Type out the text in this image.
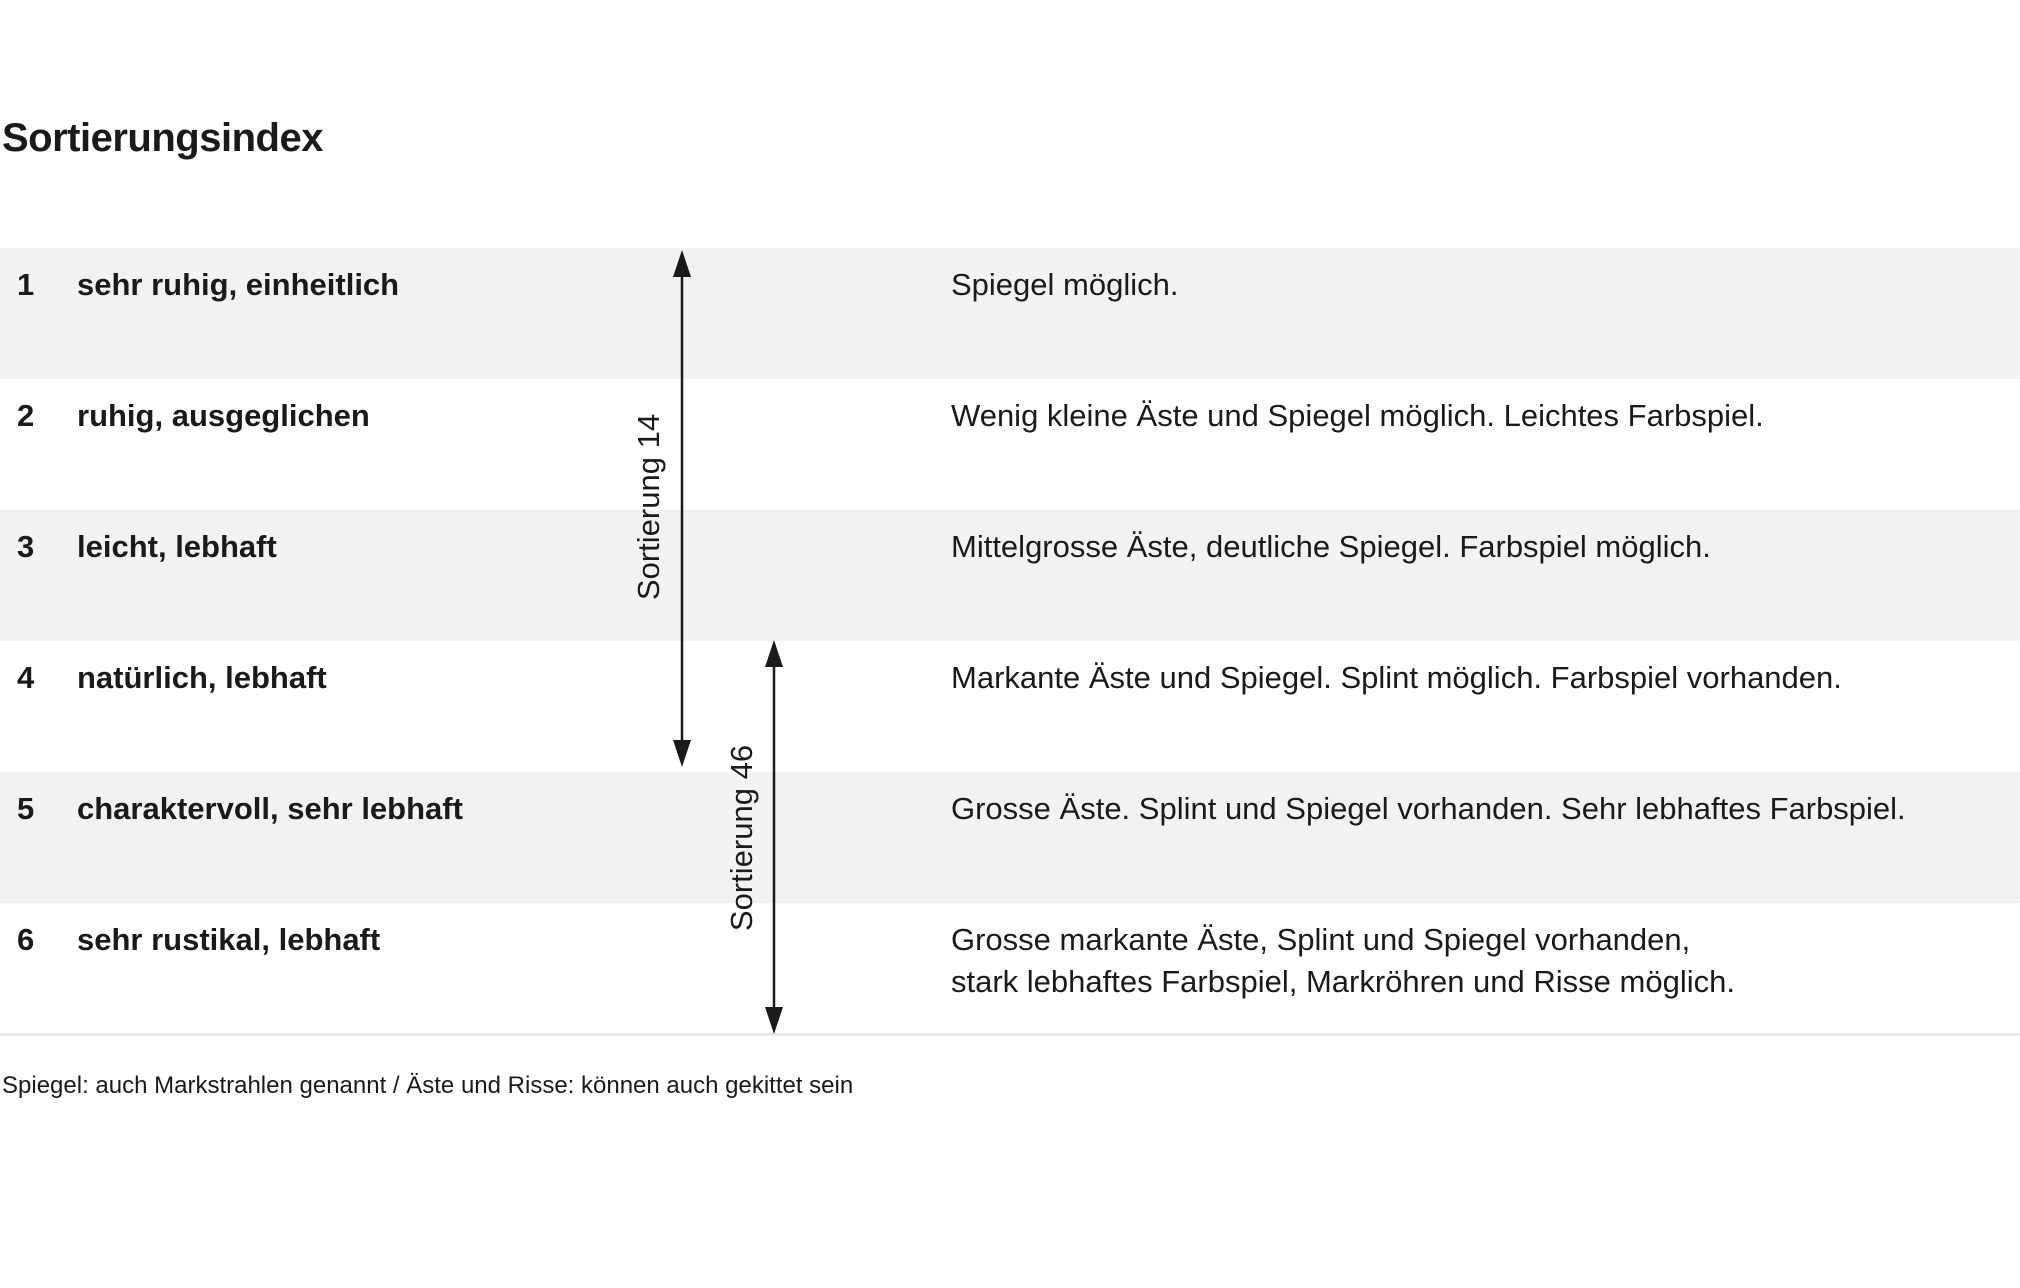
Sortierungsindex
1 sehr ruhig, einheitlich	Spiegel möglich.
2 ruhig, ausgeglichen	Wenig kleine Äste und Spiegel möglich. Leichtes Farbspiel.
3 leicht, lebhaft	Mittelgrosse Äste, deutliche Spiegel. Farbspiel möglich.
4 natürlich, lebhaft	Markante Äste und Spiegel. Splint möglich. Farbspiel vorhanden.
5 charaktervoll, sehr lebhaft	Grosse Äste. Splint und Spiegel vorhanden. Sehr lebhaftes Farbspiel.
6 sehr rustikal, lebhaft	Grosse markante Äste, Splint und Spiegel vorhanden,
stark lebhaftes Farbspiel, Markröhren und Risse möglich.
Sortierung 14
Sortierung 46
Spiegel: auch Markstrahlen genannt / Äste und Risse: können auch gekittet sein
